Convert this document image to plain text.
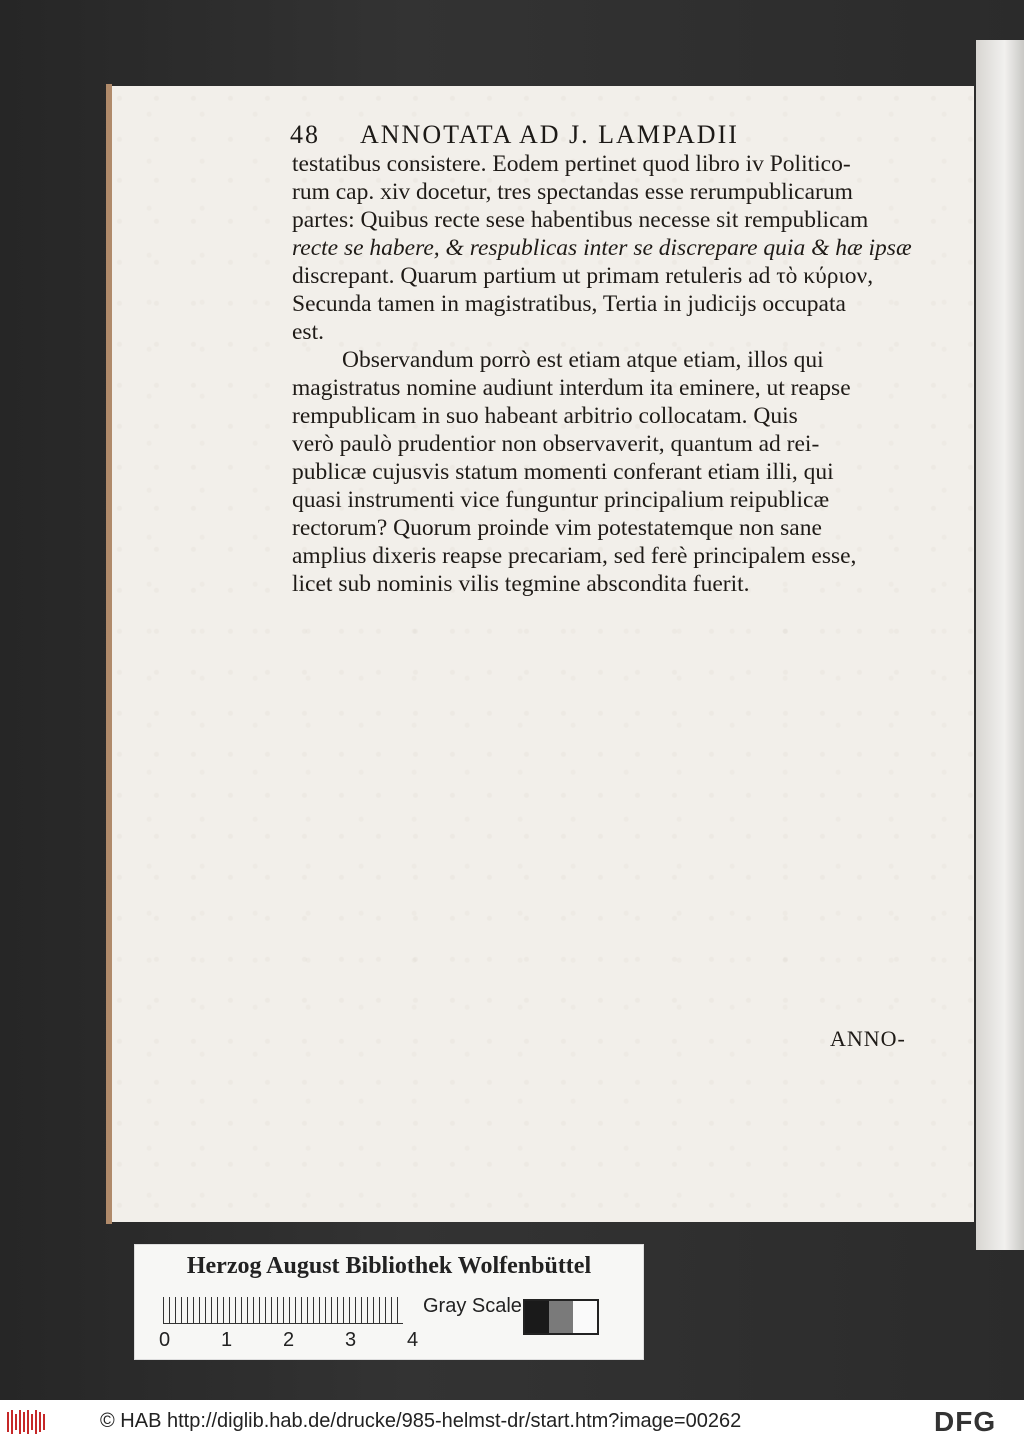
48	ANNOTATA AD J. LAMPADII
testatibus consistere. Eodem pertinet quod libro iv Politico-
rum cap. xiv docetur, tres spectandas esse rerumpublicarum
partes: Quibus recte sese habentibus necesse sit rempublicam
recte se habere, & respublicas inter se discrepare quia & hæ ipsæ
discrepant. Quarum partium ut primam retuleris ad τὸ κύριον,
Secunda tamen in magistratibus, Tertia in judicijs occupata
est.
Observandum porrò est etiam atque etiam, illos qui
magistratus nomine audiunt interdum ita eminere, ut reapse
rempublicam in suo habeant arbitrio collocatam. Quis
verò paulò prudentior non observaverit, quantum ad rei-
publicæ cujusvis statum momenti conferant etiam illi, qui
quasi instrumenti vice funguntur principalium reipublicæ
rectorum? Quorum proinde vim potestatemque non sane
amplius dixeris reapse precariam, sed ferè principalem esse,
licet sub nominis vilis tegmine abscondita fuerit.
ANNO-
Herzog August Bibliothek Wolfenbüttel
0	1	2	3	4
Gray Scale
© HAB http://diglib.hab.de/drucke/985-helmst-dr/start.htm?image=00262	DFG
